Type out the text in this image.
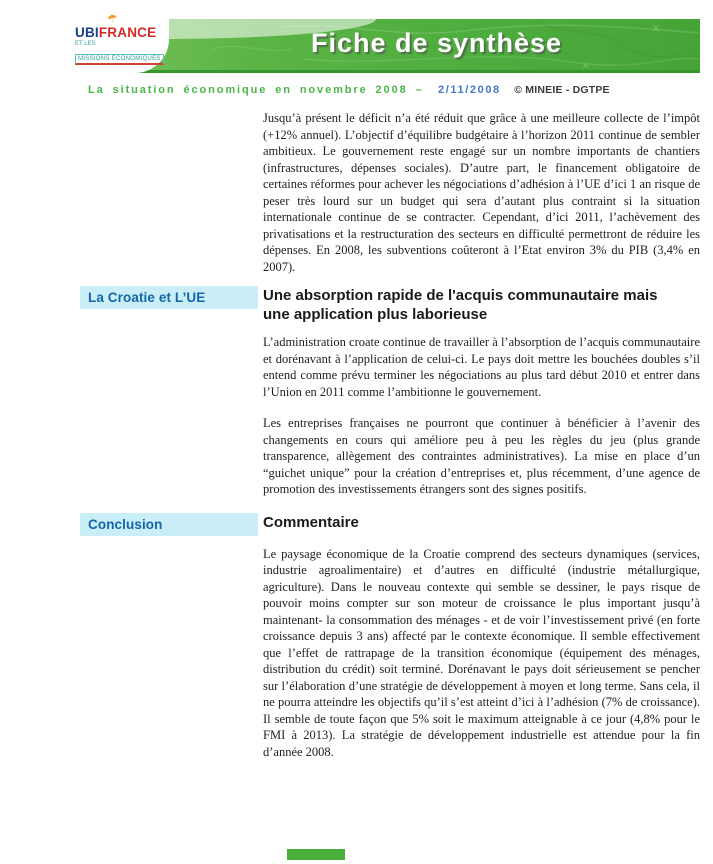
Fiche de synthèse
☂
UBIFRANCE
ET LES
MISSIONS ÉCONOMIQUES
La situation économique en novembre 2008 – 2/11/2008 © MINEIE - DGTPE

Jusqu’à présent le déficit n’a été réduit que grâce à une meilleure collecte de l’impôt (+12% annuel). L’objectif d’équilibre budgétaire à l’horizon 2011 continue de sembler ambitieux. Le gouvernement reste engagé sur un nombre importants de chantiers (infrastructures, dépenses sociales). D’autre part, le financement obligatoire de certaines réformes pour achever les négociations d’adhésion à l’UE d’ici 1 an risque de peser très lourd sur un budget qui sera d’autant plus contraint si la situation internationale continue de se contracter. Cependant, d’ici 2011, l’achèvement des privatisations et la restructuration des secteurs en difficulté permettront de réduire les dépenses. En 2008, les subventions coûteront à l’Etat environ 3% du PIB (3,4% en 2007).

La Croatie et L’UE	Une absorption rapide de l'acquis communautaire mais une application plus laborieuse

L’administration croate continue de travailler à l’absorption de l’acquis communautaire et dorénavant à l’application de celui-ci. Le pays doit mettre les bouchées doubles s’il entend comme prévu terminer les négociations au plus tard début 2010 et entrer dans l’Union en 2011 comme l’ambitionne le gouvernement.

Les entreprises françaises ne pourront que continuer à bénéficier à l’avenir des changements en cours qui améliore peu à peu les règles du jeu (plus grande transparence, allègement des contraintes administratives). La mise en place d’un “guichet unique” pour la création d’entreprises et, plus récemment, d’une agence de promotion des investissements étrangers sont des signes positifs.

Conclusion	Commentaire

Le paysage économique de la Croatie comprend des secteurs dynamiques (services, industrie agroalimentaire) et d’autres en difficulté (industrie métallurgique, agriculture). Dans le nouveau contexte qui semble se dessiner, le pays risque de pouvoir moins compter sur son moteur de croissance le plus important jusqu’à maintenant- la consommation des ménages - et de voir l’investissement privé (en forte croissance depuis 3 ans) affecté par le contexte économique. Il semble effectivement que l’effet de rattrapage de la transition économique (équipement des ménages, distribution du crédit) soit terminé. Dorénavant le pays doit sérieusement se pencher sur l’élaboration d’une stratégie de développement à moyen et long terme. Sans cela, il ne pourra atteindre les objectifs qu’il s’est atteint d’ici à l’adhésion (7% de croissance). Il semble de toute façon que 5% soit le maximum atteignable à ce jour (4,8% pour le FMI à 2013). La stratégie de développement industrielle est attendue pour la fin d’année 2008.
